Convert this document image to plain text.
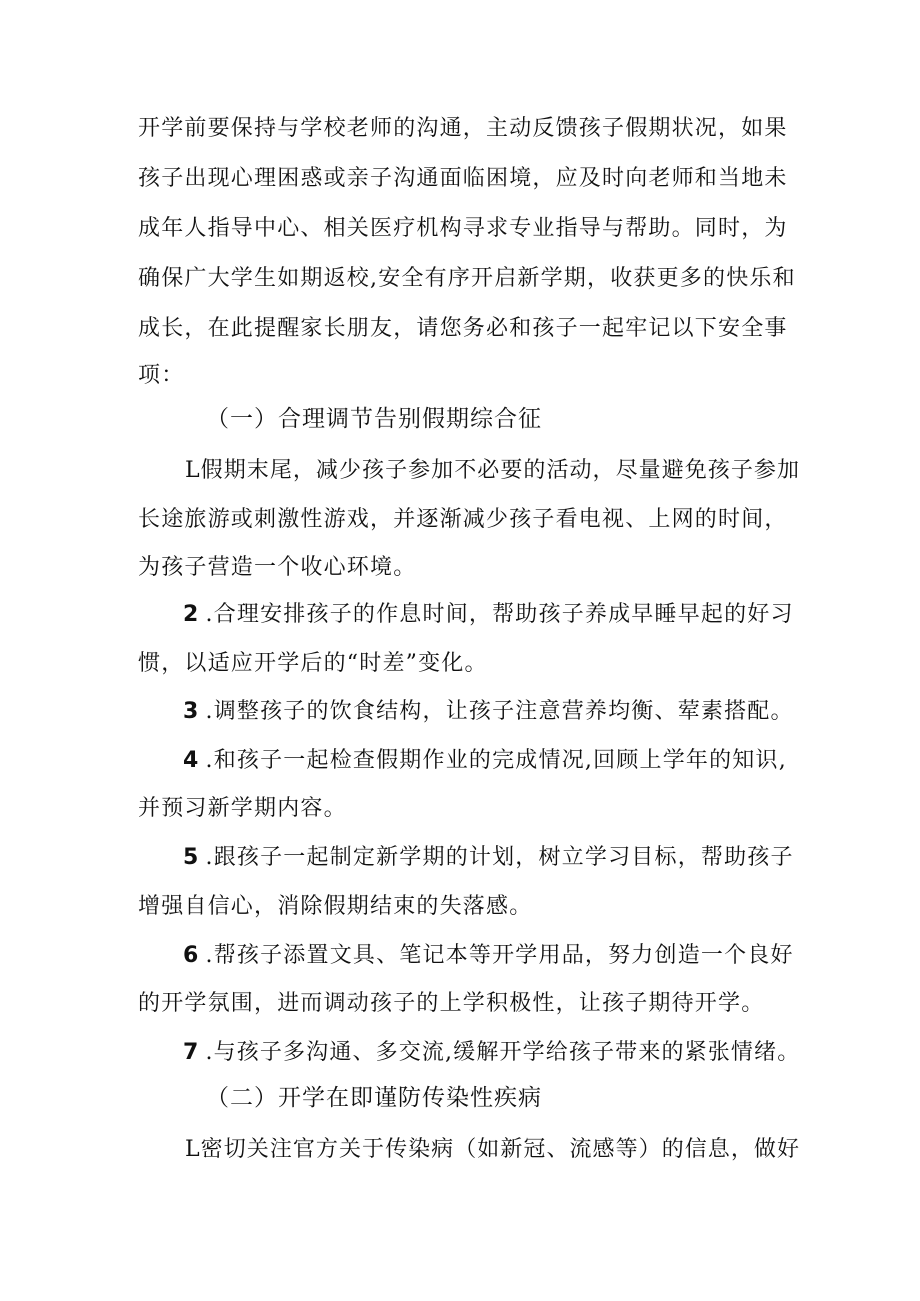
开学前要保持与学校老师的沟通，主动反馈孩子假期状况，如果
孩子出现心理困惑或亲子沟通面临困境，应及时向老师和当地未
成年人指导中心、相关医疗机构寻求专业指导与帮助。同时，为
确保广大学生如期返校,安全有序开启新学期，收获更多的快乐和
成长，在此提醒家长朋友，请您务必和孩子一起牢记以下安全事
项：
（一）合理调节告别假期综合征
L假期末尾，减少孩子参加不必要的活动，尽量避免孩子参加
长途旅游或刺激性游戏，并逐渐减少孩子看电视、上网的时间，
为孩子营造一个收心环境。
2 .合理安排孩子的作息时间，帮助孩子养成早睡早起的好习
惯，以适应开学后的“时差”变化。
3 .调整孩子的饮食结构，让孩子注意营养均衡、荤素搭配。
4 .和孩子一起检查假期作业的完成情况,回顾上学年的知识,
并预习新学期内容。
5 .跟孩子一起制定新学期的计划，树立学习目标，帮助孩子
增强自信心，消除假期结束的失落感。
6 .帮孩子添置文具、笔记本等开学用品，努力创造一个良好
的开学氛围，进而调动孩子的上学积极性，让孩子期待开学。
7 .与孩子多沟通、多交流,缓解开学给孩子带来的紧张情绪。
（二）开学在即谨防传染性疾病
L密切关注官方关于传染病（如新冠、流感等）的信息，做好
